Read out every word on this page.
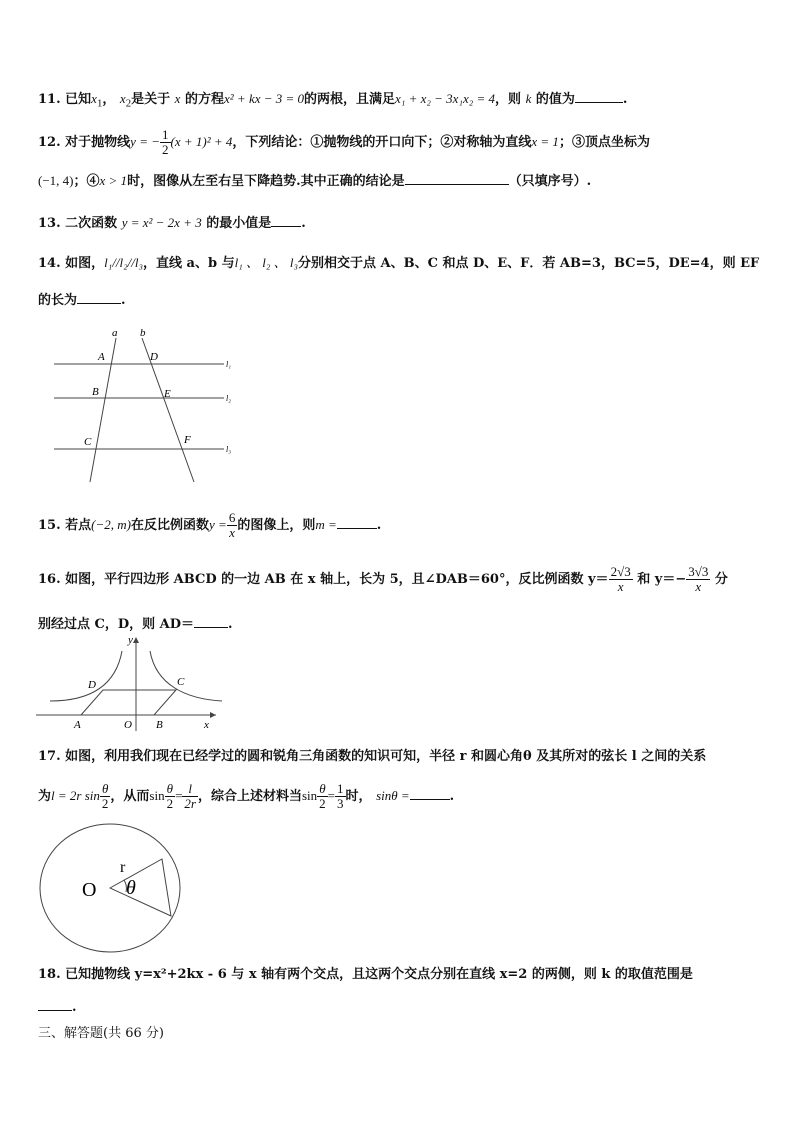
11. 已知$x_1$， $x_2$是关于 x 的方程x² + kx − 3 = 0的两根，且满足x₁ + x₂ − 3x₁x₂ = 4，则 k 的值为	.
12. 对于抛物线y = − $\frac{1}{2} (x + 1)^2 + 4$，下列结论：①抛物线的开口向下；②对称轴为直线x = 1；③顶点坐标为
(−1, 4)；④x > 1时，图像从左至右呈下降趋势.其中正确的结论是	（只填序号）.
13. 二次函数 y = x² − 2x + 3 的最小值是 .
14. 如图，l₁//l₂//l₃，直线 a、b 与l₁ 、 l₂ 、 l₃分别相交于点 A、B、C 和点 D、E、F．若 AB=3，BC=5，DE=4，则 EF
的长为	.
a b
A	D
B	E
C	F
l₁
l₂
l₃
15. 若点(−2, m)在反比例函数$y = \frac{6}{x}$ 的图像上，则m =	.
16. 如图，平行四边形 ABCD 的一边 AB 在 x 轴上，长为 5，且∠DAB＝60°，反比例函数 $y= \frac{2√3}{x}$ 和 $y=- \frac{3√3}{x}$ 分
别经过点 C，D，则 AD＝	.
y
x
O
A	B
C
D
17. 如图，利用我们现在已经学过的圆和锐角三角函数的知识可知，半径 r 和圆心角θ 及其所对的弦长 l 之间的关系
为l = 2r $\sin \frac{\theta}{2}$ ，从而$\sin \frac{\theta}{2} = \frac{l}{2r}$ ，综合上述材料当$\sin \frac{\theta}{2} = \frac{1}{3}$ 时， sinθ =	.
O
r
θ
18. 已知抛物线 y=x²+2kx - 6 与 x 轴有两个交点，且这两个交点分别在直线 x=2 的两侧，则 k 的取值范围是
.
三、解答题(共 66 分)
